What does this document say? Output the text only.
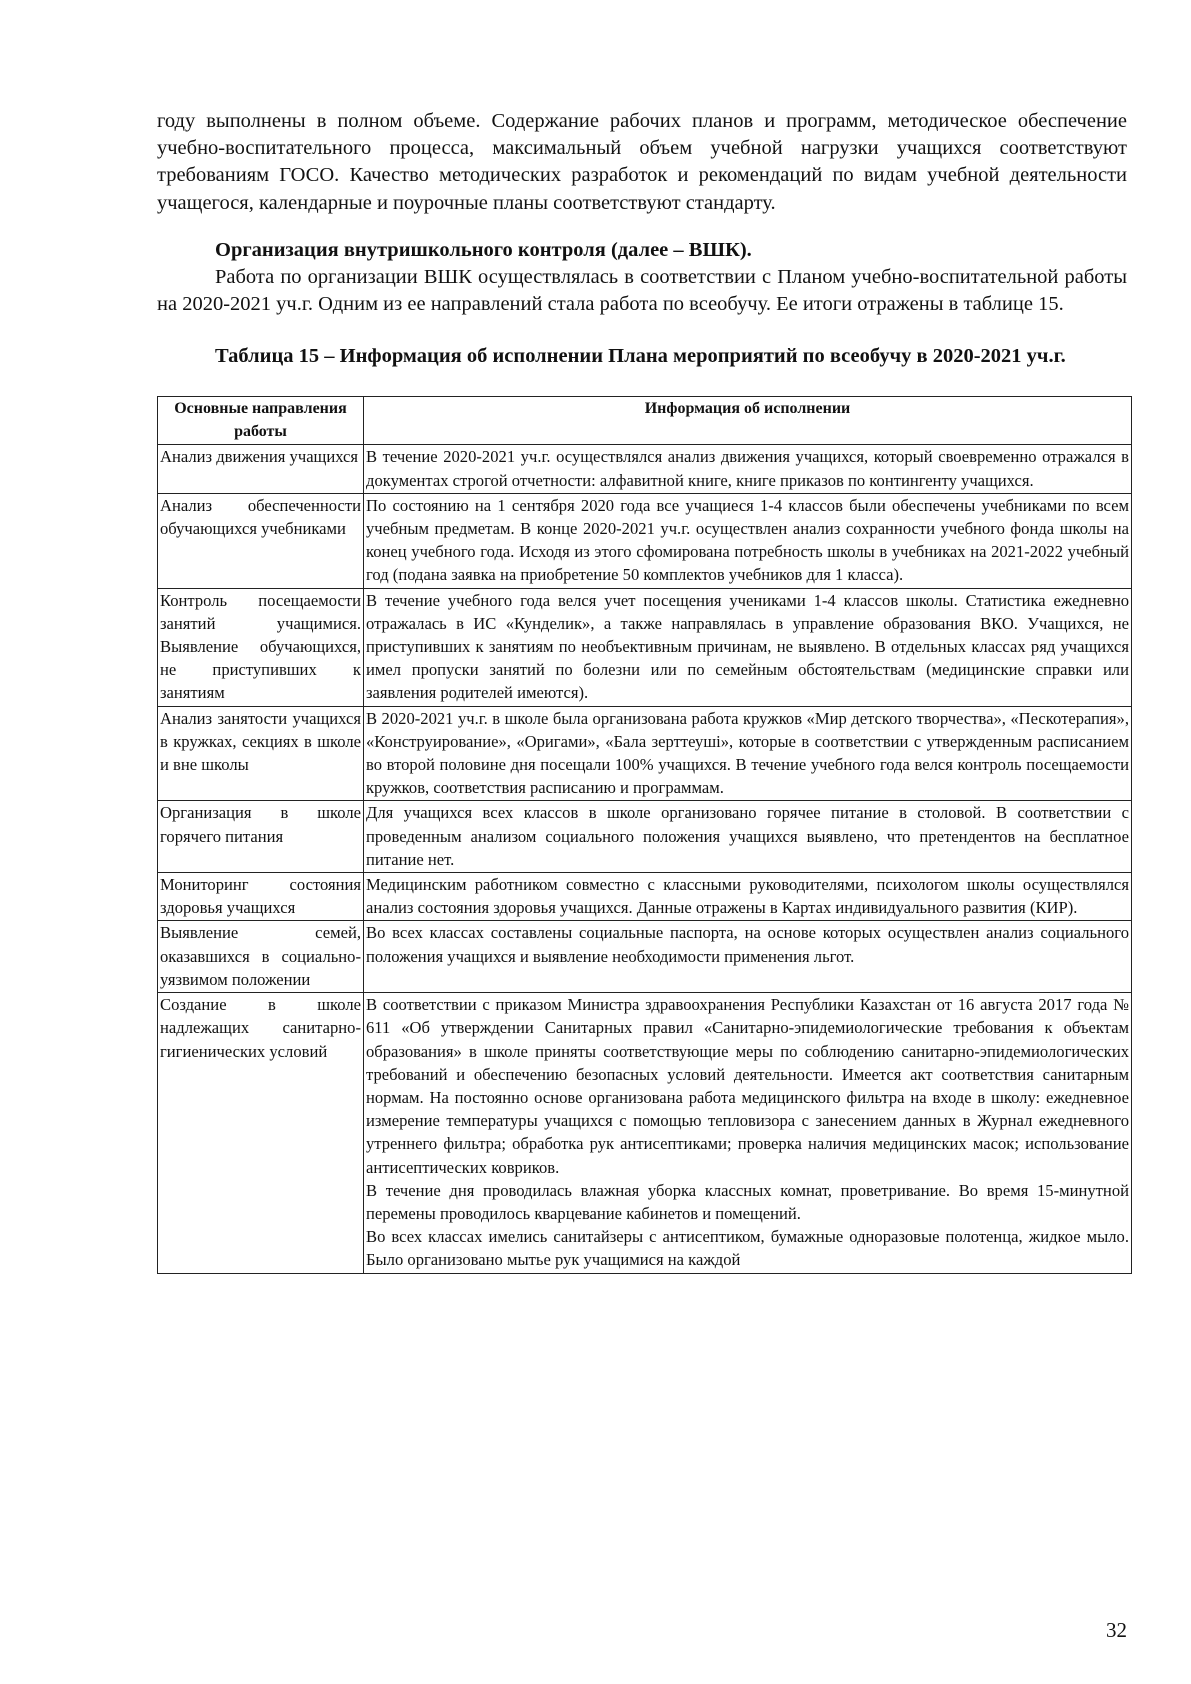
году выполнены в полном объеме. Содержание рабочих планов и программ, методическое обеспечение учебно-воспитательного процесса, максимальный объем учебной нагрузки учащихся соответствуют требованиям ГОСО. Качество методических разработок и рекомендаций по видам учебной деятельности учащегося, календарные и поурочные планы соответствуют стандарту.

Организация внутришкольного контроля (далее – ВШК).

Работа по организации ВШК осуществлялась в соответствии с Планом учебно-воспитательной работы на 2020-2021 уч.г. Одним из ее направлений стала работа по всеобучу. Ее итоги отражены в таблице 15.

Таблица 15 – Информация об исполнении Плана мероприятий по всеобучу в 2020-2021 уч.г.

Основные направления работы	Информация об исполнении
Анализ движения учащихся	В течение 2020-2021 уч.г. осуществлялся анализ движения учащихся, который своевременно отражался в документах строгой отчетности: алфавитной книге, книге приказов по контингенту учащихся.

Анализ обеспеченности обучающихся учебниками	По состоянию на 1 сентября 2020 года все учащиеся 1-4 классов были обеспечены учебниками по всем учебным предметам. В конце 2020-2021 уч.г. осуществлен анализ сохранности учебного фонда школы на конец учебного года. Исходя из этого сфомирована потребность школы в учебниках на 2021-2022 учебный год (подана заявка на приобретение 50 комплектов учебников для 1 класса).

Контроль посещаемости занятий учащимися. Выявление обучающихся, не приступивших к занятиям	В течение учебного года велся учет посещения учениками 1-4 классов школы. Статистика ежедневно отражалась в ИС «Кунделик», а также направлялась в управление образования ВКО. Учащихся, не приступивших к занятиям по необъективным причинам, не выявлено. В отдельных классах ряд учащихся имел пропуски занятий по болезни или по семейным обстоятельствам (медицинские справки или заявления родителей имеются).

Анализ занятости учащихся в кружках, секциях в школе и вне школы	В 2020-2021 уч.г. в школе была организована работа кружков «Мир детского творчества», «Пескотерапия», «Конструирование», «Оригами», «Бала зерттеуші», которые в соответствии с утвержденным расписанием во второй половине дня посещали 100% учащихся. В течение учебного года велся контроль посещаемости кружков, соответствия расписанию и программам.

Организация в школе горячего питания	Для учащихся всех классов в школе организовано горячее питание в столовой. В соответствии с проведенным анализом социального положения учащихся выявлено, что претендентов на бесплатное питание нет.

Мониторинг состояния здоровья учащихся	Медицинским работником совместно с классными руководителями, психологом школы осуществлялся анализ состояния здоровья учащихся. Данные отражены в Картах индивидуального развития (КИР).

Выявление семей, оказавшихся в социально-уязвимом положении	Во всех классах составлены социальные паспорта, на основе которых осуществлен анализ социального положения учащихся и выявление необходимости применения льгот.

Создание в школе надлежащих санитарно-гигиенических условий	В соответствии с приказом Министра здравоохранения Республики Казахстан от 16 августа 2017 года № 611 «Об утверждении Санитарных правил «Санитарно-эпидемиологические требования к объектам образования» в школе приняты соответствующие меры по соблюдению санитарно-эпидемиологических требований и обеспечению безопасных условий деятельности. Имеется акт соответствия санитарным нормам. На постоянно основе организована работа медицинского фильтра на входе в школу: ежедневное измерение температуры учащихся с помощью тепловизора с занесением данных в Журнал ежедневного утреннего фильтра; обработка рук антисептиками; проверка наличия медицинских масок; использование антисептических ковриков.
В течение дня проводилась влажная уборка классных комнат, проветривание. Во время 15-минутной перемены проводилось кварцевание кабинетов и помещений.
Во всех классах имелись санитайзеры с антисептиком, бумажные одноразовые полотенца, жидкое мыло. Было организовано мытье рук учащимися на каждой
32
